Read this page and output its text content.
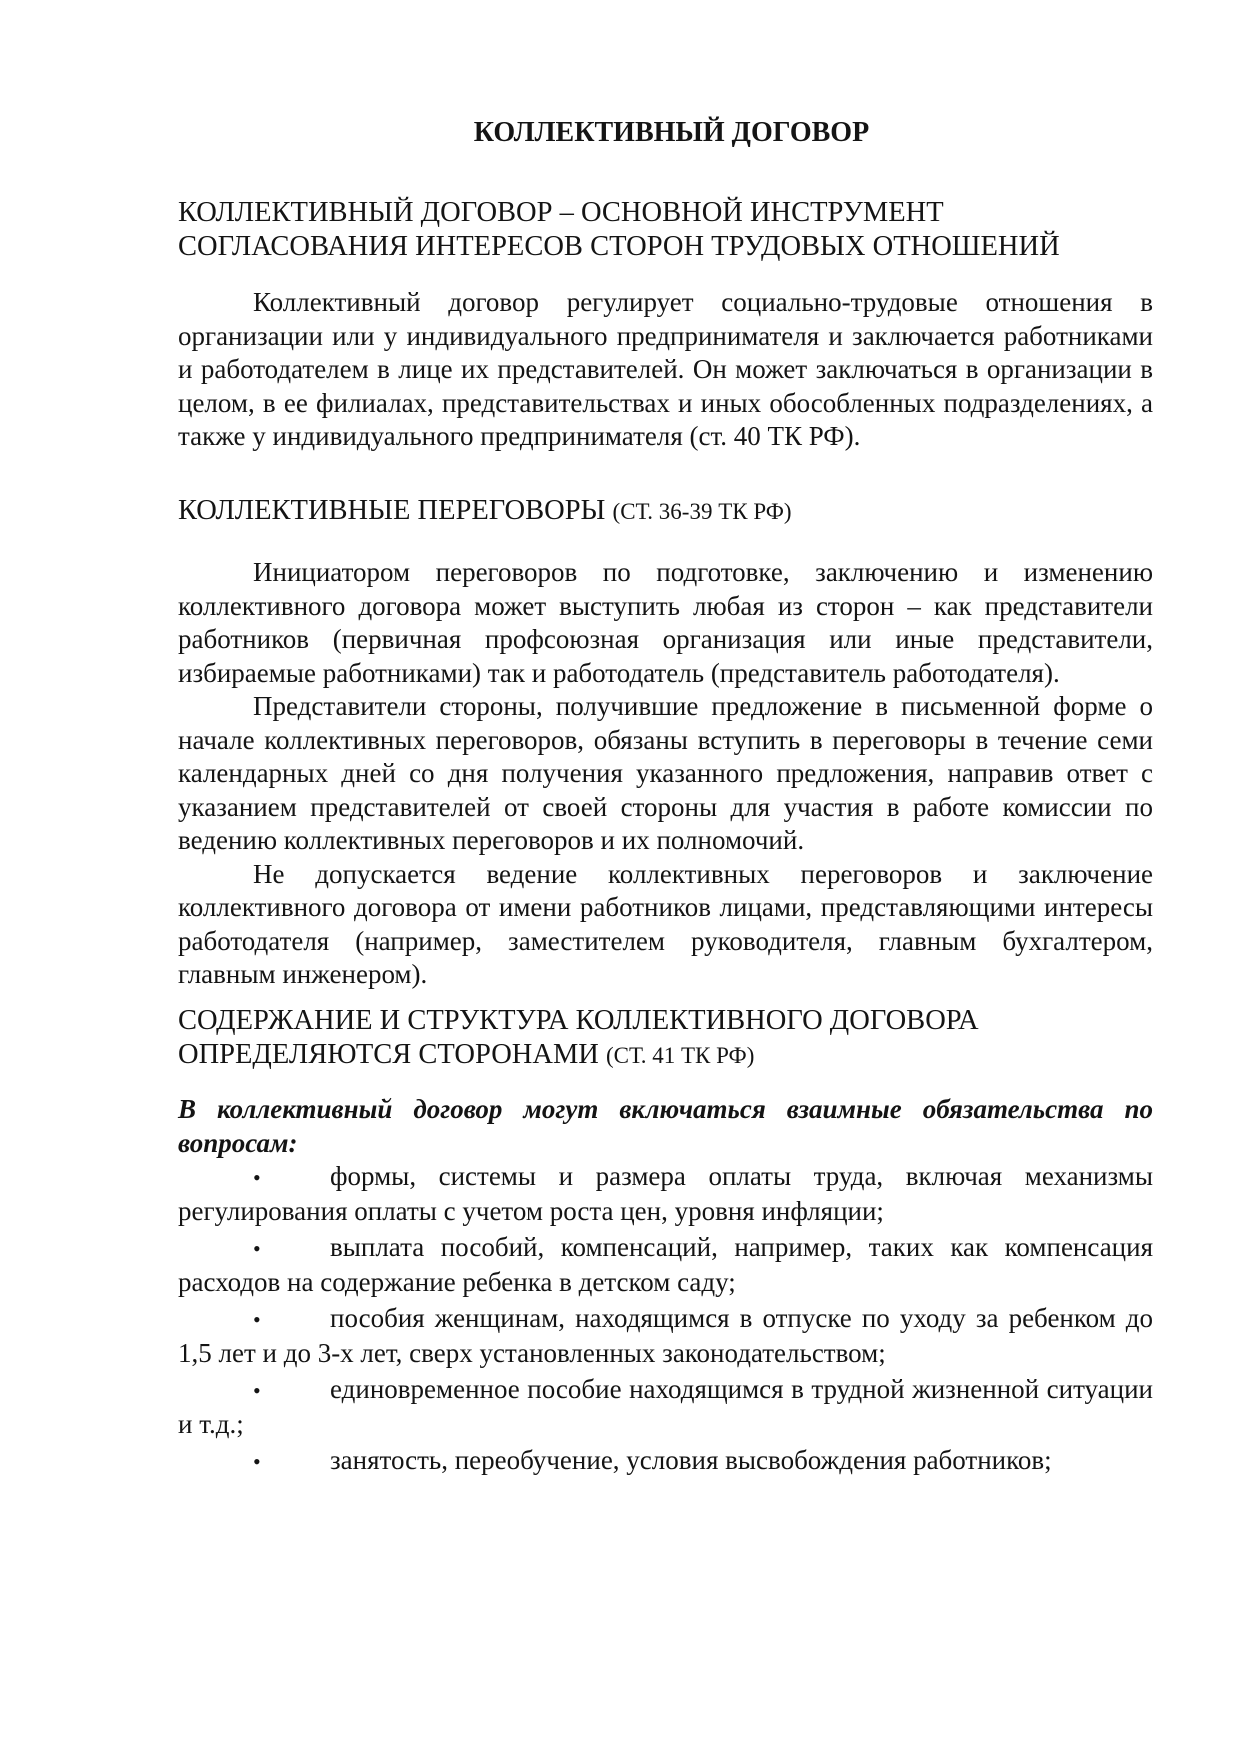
КОЛЛЕКТИВНЫЙ ДОГОВОР
КОЛЛЕКТИВНЫЙ ДОГОВОР – ОСНОВНОЙ ИНСТРУМЕНТ
СОГЛАСОВАНИЯ ИНТЕРЕСОВ СТОРОН ТРУДОВЫХ ОТНОШЕНИЙ

Коллективный договор регулирует социально-трудовые отношения в организации или у индивидуального предпринимателя и заключается работниками и работодателем в лице их представителей. Он может заключаться в организации в целом, в ее филиалах, представительствах и иных обособленных подразделениях, а также у индивидуального предпринимателя (ст. 40 ТК РФ).

КОЛЛЕКТИВНЫЕ ПЕРЕГОВОРЫ (СТ. 36-39 ТК РФ)

Инициатором переговоров по подготовке, заключению и изменению коллективного договора может выступить любая из сторон – как представители работников (первичная профсоюзная организация или иные представители, избираемые работниками) так и работодатель (представитель работодателя).

Представители стороны, получившие предложение в письменной форме о начале коллективных переговоров, обязаны вступить в переговоры в течение семи календарных дней со дня получения указанного предложения, направив ответ с указанием представителей от своей стороны для участия в работе комиссии по ведению коллективных переговоров и их полномочий.

Не допускается ведение коллективных переговоров и заключение коллективного договора от имени работников лицами, представляющими интересы работодателя (например, заместителем руководителя, главным бухгалтером, главным инженером).

СОДЕРЖАНИЕ И СТРУКТУРА КОЛЛЕКТИВНОГО ДОГОВОРА
ОПРЕДЕЛЯЮТСЯ СТОРОНАМИ (СТ. 41 ТК РФ)

В коллективный договор могут включаться взаимные обязательства по вопросам:

•	формы, системы и размера оплаты труда, включая механизмы регулирования оплаты с учетом роста цен, уровня инфляции;
•	выплата пособий, компенсаций, например, таких как компенсация расходов на содержание ребенка в детском саду;
•	пособия женщинам, находящимся в отпуске по уходу за ребенком до 1,5 лет и до 3-х лет, сверх установленных законодательством;
•	единовременное пособие находящимся в трудной жизненной ситуации и т.д.;
•	занятость, переобучение, условия высвобождения работников;
